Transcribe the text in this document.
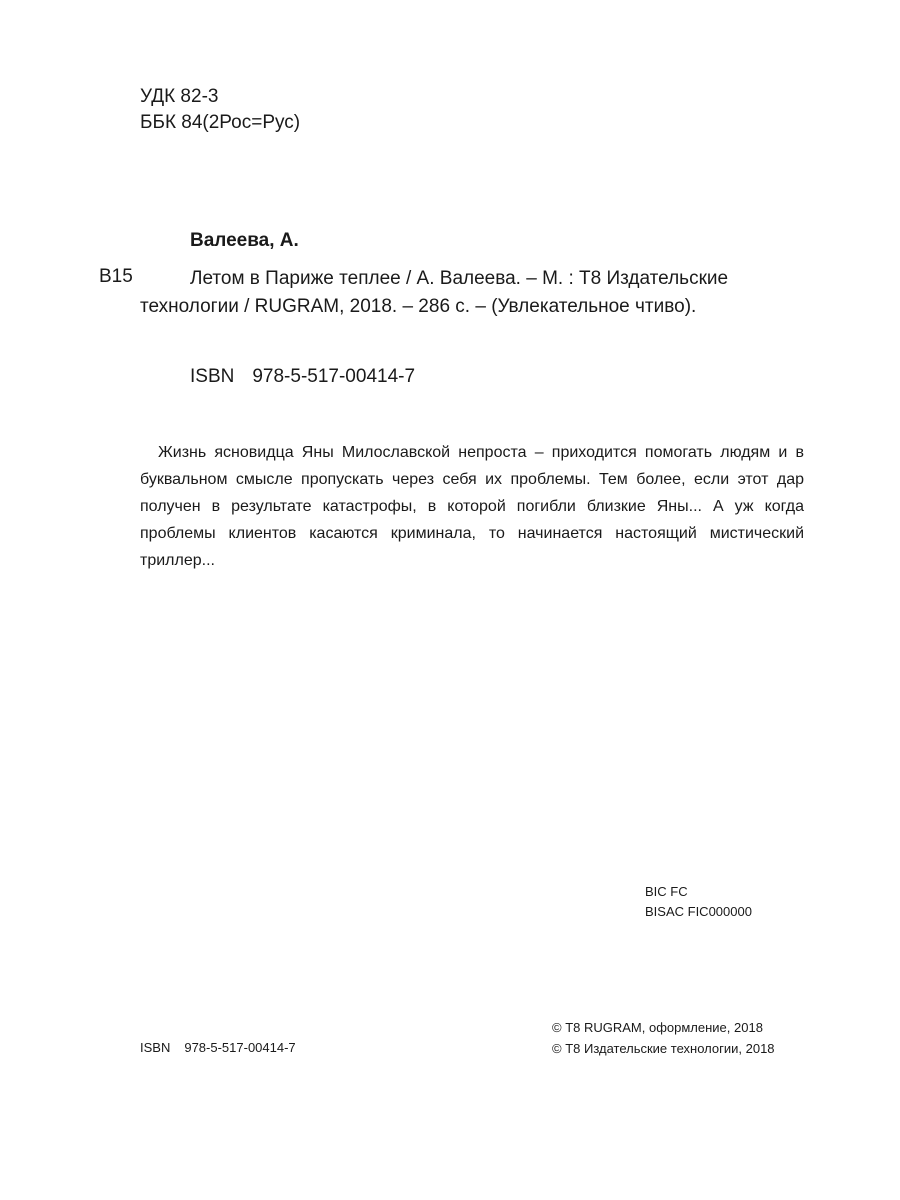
УДК 82-3
ББК 84(2Рос=Рус)
Валеева, А.
В15	Летом в Париже теплее / А. Валеева. – М. : Т8 Издательские технологии / RUGRAM, 2018. – 286 с. – (Увлекательное чтиво).
ISBN 978-5-517-00414-7
Жизнь ясновидца Яны Милославской непроста – приходится помогать людям и в буквальном смысле пропускать через себя их проблемы. Тем более, если этот дар получен в результате катастрофы, в которой погибли близкие Яны... А уж когда проблемы клиентов касаются криминала, то начинается настоящий мистический триллер...
BIC FC
BISAC FIC000000
© Т8 RUGRAM, оформление, 2018
© Т8 Издательские технологии, 2018
ISBN 978-5-517-00414-7
